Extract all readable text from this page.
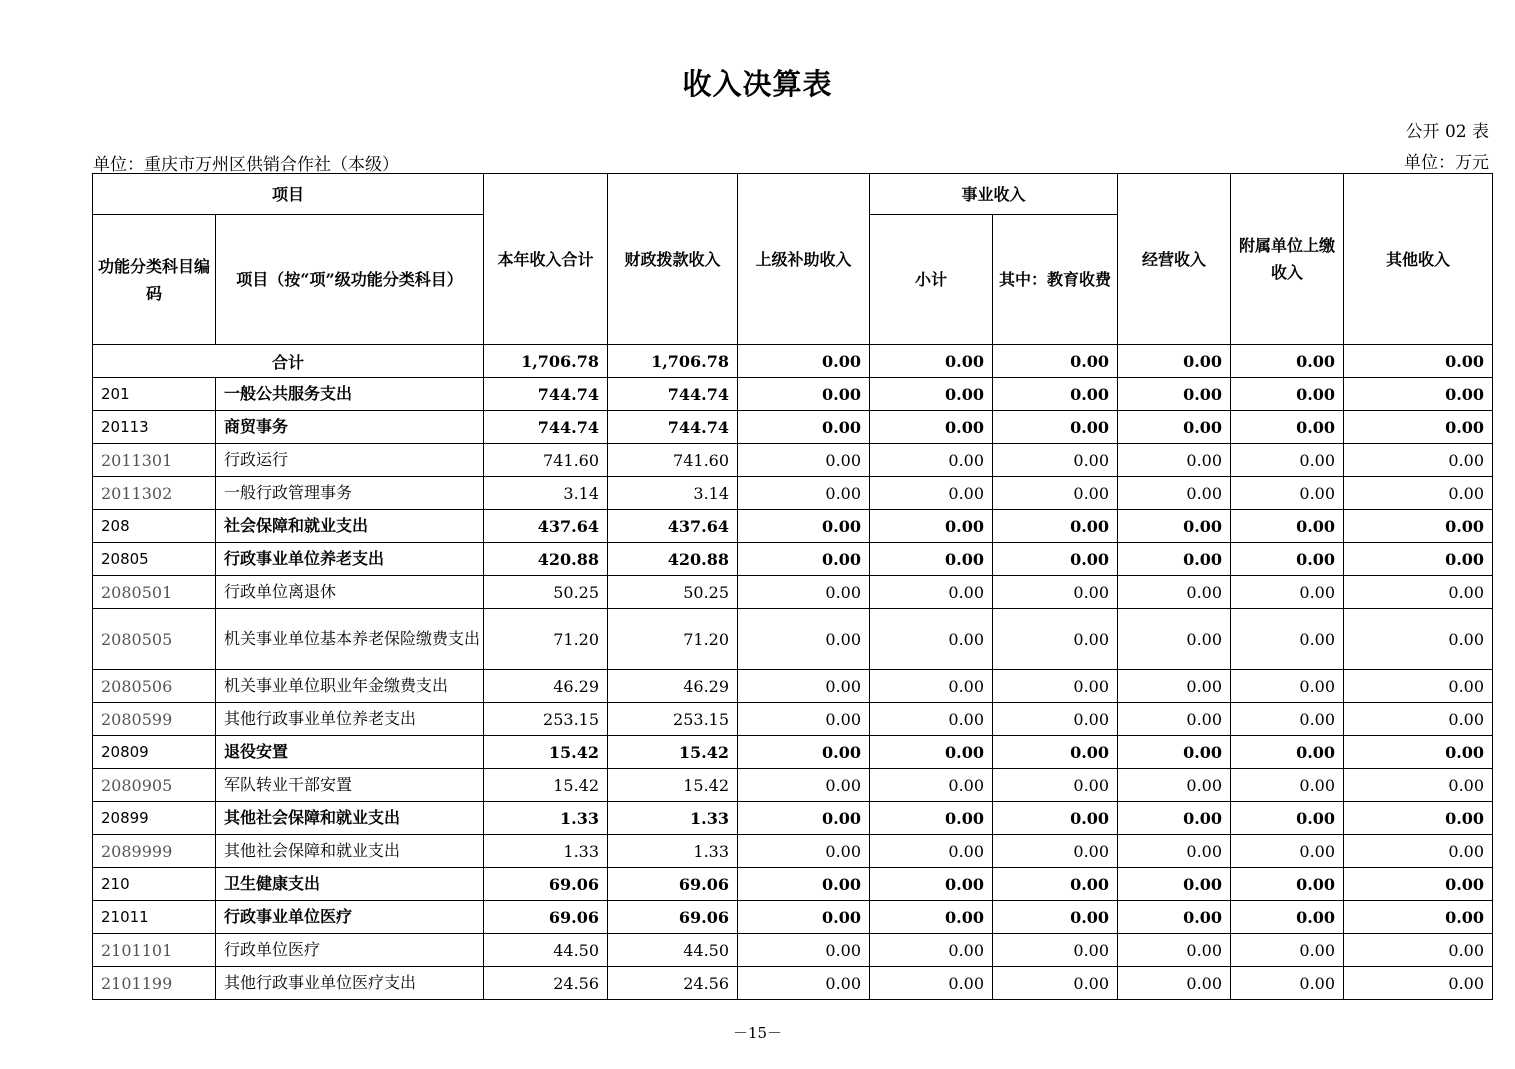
收入决算表
公开 02 表
单位：重庆市万州区供销合作社（本级）	单位：万元
项目		本年收入合计	财政拨款收入	上级补助收入	事业收入		经营收入	附属单位上缴收入	其他收入
功能分类科目编码	项目（按“项”级功能分类科目）				小计	其中：教育收费			
合计		1,706.78	1,706.78	0.00	0.00	0.00	0.00	0.00	0.00
201	一般公共服务支出	744.74	744.74	0.00	0.00	0.00	0.00	0.00	0.00
20113	商贸事务	744.74	744.74	0.00	0.00	0.00	0.00	0.00	0.00
2011301	行政运行	741.60	741.60	0.00	0.00	0.00	0.00	0.00	0.00
2011302	一般行政管理事务	3.14	3.14	0.00	0.00	0.00	0.00	0.00	0.00
208	社会保障和就业支出	437.64	437.64	0.00	0.00	0.00	0.00	0.00	0.00
20805	行政事业单位养老支出	420.88	420.88	0.00	0.00	0.00	0.00	0.00	0.00
2080501	行政单位离退休	50.25	50.25	0.00	0.00	0.00	0.00	0.00	0.00
2080505	机关事业单位基本养老保险缴费支出	71.20	71.20	0.00	0.00	0.00	0.00	0.00	0.00
2080506	机关事业单位职业年金缴费支出	46.29	46.29	0.00	0.00	0.00	0.00	0.00	0.00
2080599	其他行政事业单位养老支出	253.15	253.15	0.00	0.00	0.00	0.00	0.00	0.00
20809	退役安置	15.42	15.42	0.00	0.00	0.00	0.00	0.00	0.00
2080905	军队转业干部安置	15.42	15.42	0.00	0.00	0.00	0.00	0.00	0.00
20899	其他社会保障和就业支出	1.33	1.33	0.00	0.00	0.00	0.00	0.00	0.00
2089999	其他社会保障和就业支出	1.33	1.33	0.00	0.00	0.00	0.00	0.00	0.00
210	卫生健康支出	69.06	69.06	0.00	0.00	0.00	0.00	0.00	0.00
21011	行政事业单位医疗	69.06	69.06	0.00	0.00	0.00	0.00	0.00	0.00
2101101	行政单位医疗	44.50	44.50	0.00	0.00	0.00	0.00	0.00	0.00
2101199	其他行政事业单位医疗支出	24.56	24.56	0.00	0.00	0.00	0.00	0.00	0.00
－15－
